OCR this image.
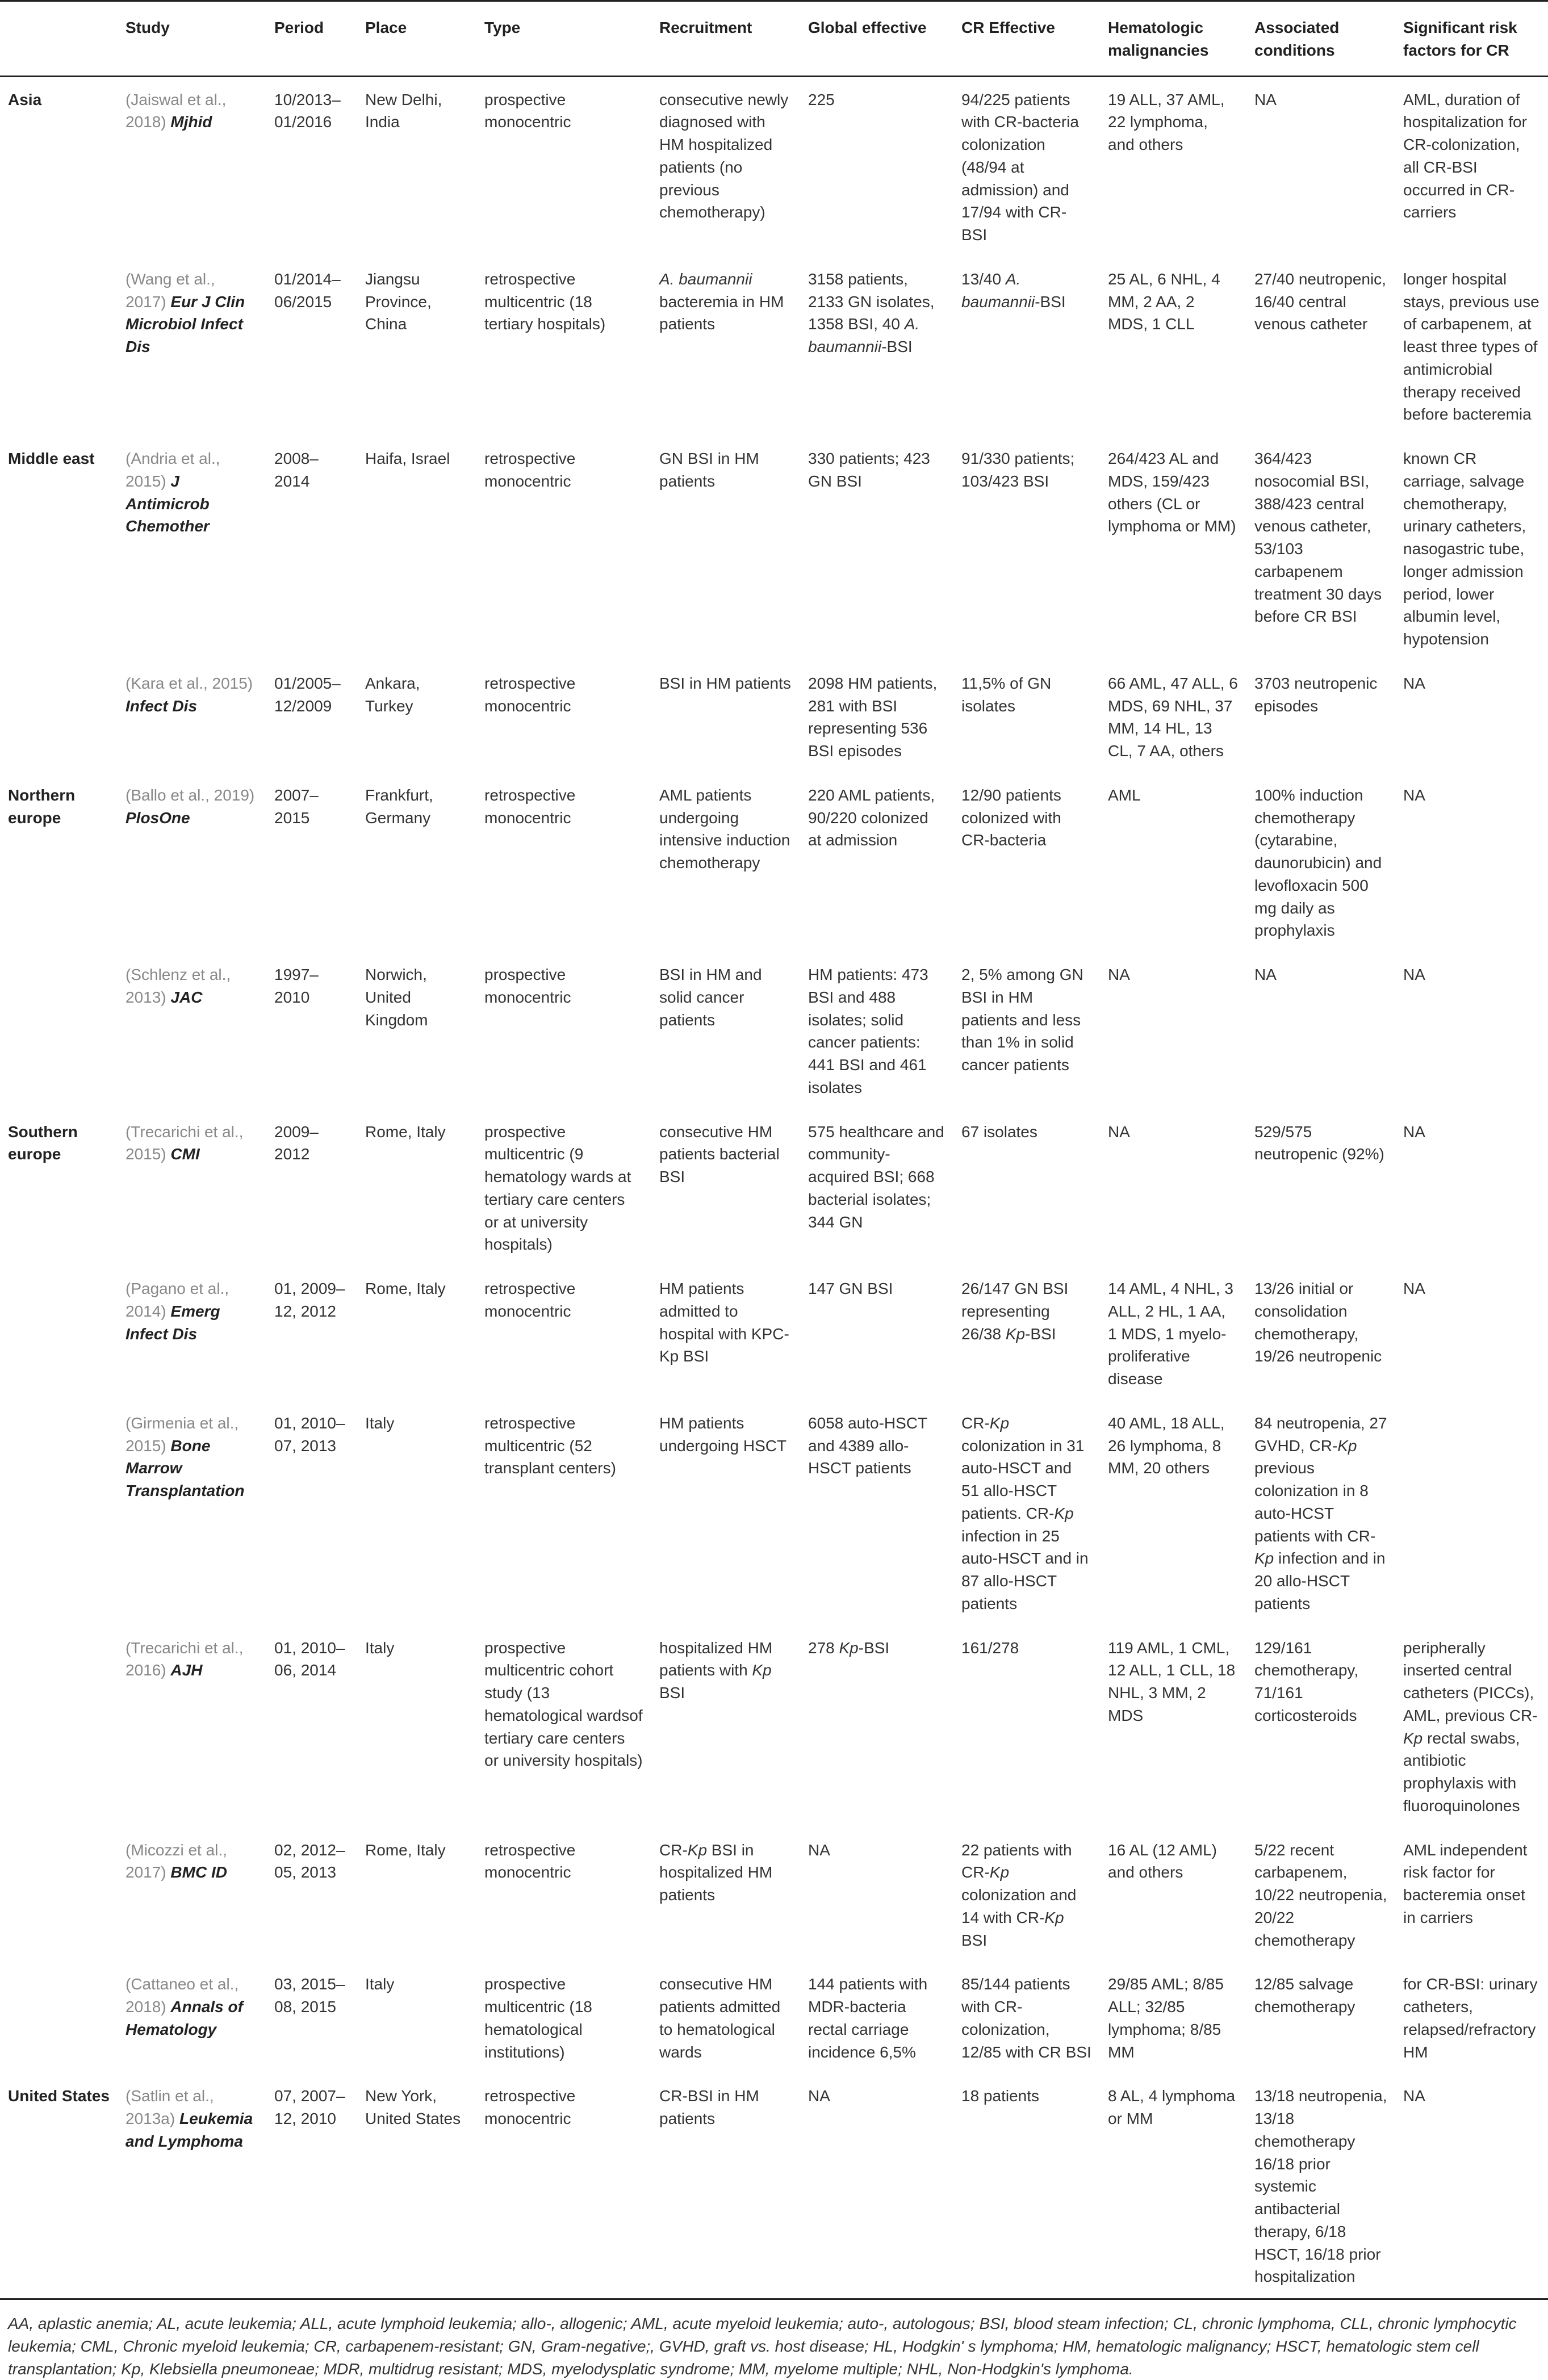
	Study	Period	Place	Type	Recruitment	Global effective	CR Effective	Hematologic malignancies	Associated conditions	Significant risk factors for CR
Asia	(Jaiswal et al., 2018) Mjhid	10/2013–01/2016	New Delhi, India	prospective monocentric	consecutive newly diagnosed with HM hospitalized patients (no previous chemotherapy)	225	94/225 patients with CR-bacteria colonization (48/94 at admission) and 17/94 with CR-BSI	19 ALL, 37 AML, 22 lymphoma, and others	NA	AML, duration of hospitalization for CR-colonization, all CR-BSI occurred in CR-carriers
	(Wang et al., 2017) Eur J Clin Microbiol Infect Dis	01/2014–06/2015	Jiangsu Province, China	retrospective multicentric (18 tertiary hospitals)	A. baumannii bacteremia in HM patients	3158 patients, 2133 GN isolates, 1358 BSI, 40 A. baumannii-BSI	13/40 A. baumannii-BSI	25 AL, 6 NHL, 4 MM, 2 AA, 2 MDS, 1 CLL	27/40 neutropenic, 16/40 central venous catheter	longer hospital stays, previous use of carbapenem, at least three types of antimicrobial therapy received before bacteremia
Middle east	(Andria et al., 2015) J Antimicrob Chemother	2008–2014	Haifa, Israel	retrospective monocentric	GN BSI in HM patients	330 patients; 423 GN BSI	91/330 patients; 103/423 BSI	264/423 AL and MDS, 159/423 others (CL or lymphoma or MM)	364/423 nosocomial BSI, 388/423 central venous catheter, 53/103 carbapenem treatment 30 days before CR BSI	known CR carriage, salvage chemotherapy, urinary catheters, nasogastric tube, longer admission period, lower albumin level, hypotension
	(Kara et al., 2015) Infect Dis	01/2005–12/2009	Ankara, Turkey	retrospective monocentric	BSI in HM patients	2098 HM patients, 281 with BSI representing 536 BSI episodes	11,5% of GN isolates	66 AML, 47 ALL, 6 MDS, 69 NHL, 37 MM, 14 HL, 13 CL, 7 AA, others	3703 neutropenic episodes	NA
Northern europe	(Ballo et al., 2019) PlosOne	2007–2015	Frankfurt, Germany	retrospective monocentric	AML patients undergoing intensive induction chemotherapy	220 AML patients, 90/220 colonized at admission	12/90 patients colonized with CR-bacteria	AML	100% induction chemotherapy (cytarabine, daunorubicin) and levofloxacin 500 mg daily as prophylaxis	NA
	(Schlenz et al., 2013) JAC	1997–2010	Norwich, United Kingdom	prospective monocentric	BSI in HM and solid cancer patients	HM patients: 473 BSI and 488 isolates; solid cancer patients: 441 BSI and 461 isolates	2, 5% among GN BSI in HM patients and less than 1% in solid cancer patients	NA	NA	NA
Southern europe	(Trecarichi et al., 2015) CMI	2009–2012	Rome, Italy	prospective multicentric (9 hematology wards at tertiary care centers or at university hospitals)	consecutive HM patients bacterial BSI	575 healthcare and community-acquired BSI; 668 bacterial isolates; 344 GN	67 isolates	NA	529/575 neutropenic (92%)	NA
	(Pagano et al., 2014) Emerg Infect Dis	01, 2009–12, 2012	Rome, Italy	retrospective monocentric	HM patients admitted to hospital with KPC-Kp BSI	147 GN BSI	26/147 GN BSI representing 26/38 Kp-BSI	14 AML, 4 NHL, 3 ALL, 2 HL, 1 AA, 1 MDS, 1 myelo-proliferative disease	13/26 initial or consolidation chemotherapy, 19/26 neutropenic	NA
	(Girmenia et al., 2015) Bone Marrow Transplantation	01, 2010–07, 2013	Italy	retrospective multicentric (52 transplant centers)	HM patients undergoing HSCT	6058 auto-HSCT and 4389 allo-HSCT patients	CR-Kp colonization in 31 auto-HSCT and 51 allo-HSCT patients. CR-Kp infection in 25 auto-HSCT and in 87 allo-HSCT patients	40 AML, 18 ALL, 26 lymphoma, 8 MM, 20 others	84 neutropenia, 27 GVHD, CR-Kp previous colonization in 8 auto-HCST patients with CR-Kp infection and in 20 allo-HSCT patients	
	(Trecarichi et al., 2016) AJH	01, 2010–06, 2014	Italy	prospective multicentric cohort study (13 hematological wardsof tertiary care centers or university hospitals)	hospitalized HM patients with Kp BSI	278 Kp-BSI	161/278	119 AML, 1 CML, 12 ALL, 1 CLL, 18 NHL, 3 MM, 2 MDS	129/161 chemotherapy, 71/161 corticosteroids	peripherally inserted central catheters (PICCs), AML, previous CR-Kp rectal swabs, antibiotic prophylaxis with fluoroquinolones
	(Micozzi et al., 2017) BMC ID	02, 2012–05, 2013	Rome, Italy	retrospective monocentric	CR-Kp BSI in hospitalized HM patients	NA	22 patients with CR-Kp colonization and 14 with CR-Kp BSI	16 AL (12 AML) and others	5/22 recent carbapenem, 10/22 neutropenia, 20/22 chemotherapy	AML independent risk factor for bacteremia onset in carriers
	(Cattaneo et al., 2018) Annals of Hematology	03, 2015–08, 2015	Italy	prospective multicentric (18 hematological institutions)	consecutive HM patients admitted to hematological wards	144 patients with MDR-bacteria rectal carriage incidence 6,5%	85/144 patients with CR-colonization, 12/85 with CR BSI	29/85 AML; 8/85 ALL; 32/85 lymphoma; 8/85 MM	12/85 salvage chemotherapy	for CR-BSI: urinary catheters, relapsed/refractory HM
United States	(Satlin et al., 2013a) Leukemia and Lymphoma	07, 2007–12, 2010	New York, United States	retrospective monocentric	CR-BSI in HM patients	NA	18 patients	8 AL, 4 lymphoma or MM	13/18 neutropenia, 13/18 chemotherapy 16/18 prior systemic antibacterial therapy, 6/18 HSCT, 16/18 prior hospitalization	NA
AA, aplastic anemia; AL, acute leukemia; ALL, acute lymphoid leukemia; allo-, allogenic; AML, acute myeloid leukemia; auto-, autologous; BSI, blood steam infection; CL, chronic lymphoma, CLL, chronic lymphocytic leukemia; CML, Chronic myeloid leukemia; CR, carbapenem-resistant; GN, Gram-negative;, GVHD, graft vs. host disease; HL, Hodgkin' s lymphoma; HM, hematologic malignancy; HSCT, hematologic stem cell transplantation; Kp, Klebsiella pneumoneae; MDR, multidrug resistant; MDS, myelodysplatic syndrome; MM, myelome multiple; NHL, Non-Hodgkin's lymphoma.
